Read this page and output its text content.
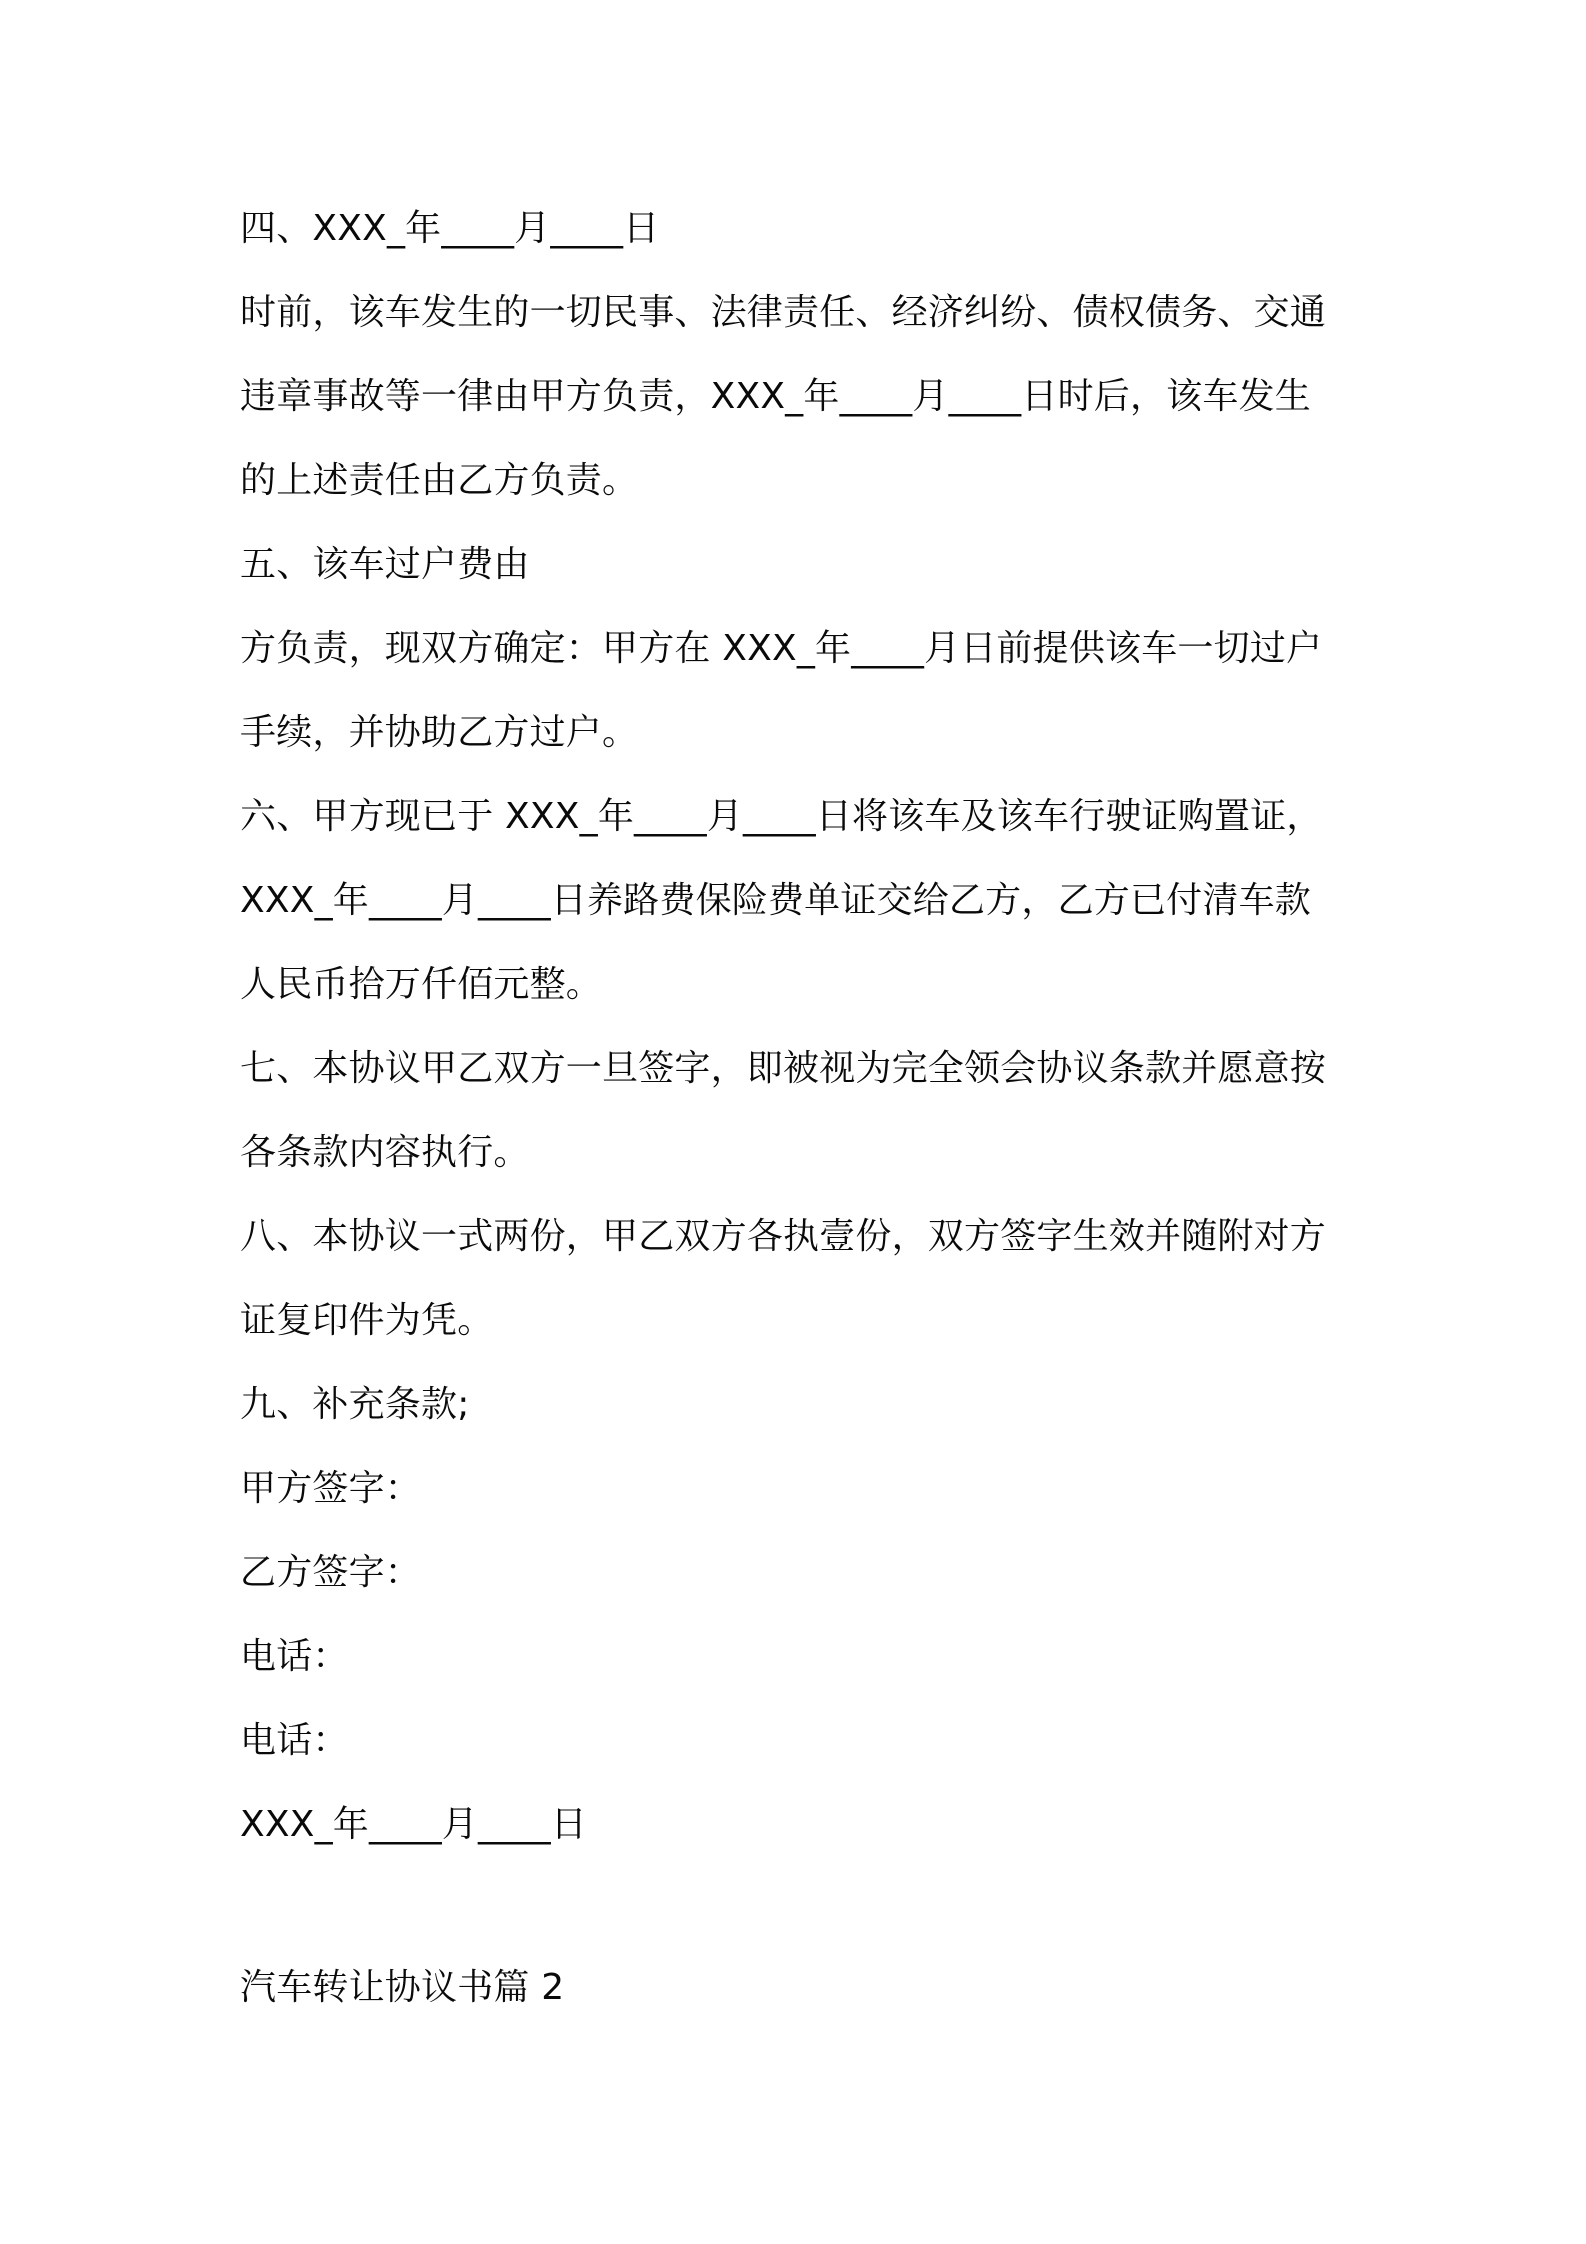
四、XXX_年____月____日
时前，该车发生的一切民事、法律责任、经济纠纷、债权债务、交通
违章事故等一律由甲方负责，XXX_年____月____日时后，该车发生
的上述责任由乙方负责。
五、该车过户费由
方负责，现双方确定：甲方在 XXX_年____月日前提供该车一切过户
手续，并协助乙方过户。
六、甲方现已于 XXX_年____月____日将该车及该车行驶证购置证，
XXX_年____月____日养路费保险费单证交给乙方，乙方已付清车款
人民币拾万仟佰元整。
七、本协议甲乙双方一旦签字，即被视为完全领会协议条款并愿意按
各条款内容执行。
八、本协议一式两份，甲乙双方各执壹份，双方签字生效并随附对方
证复印件为凭。
九、补充条款;
甲方签字：
乙方签字：
电话：
电话：
XXX_年____月____日
汽车转让协议书篇 2
